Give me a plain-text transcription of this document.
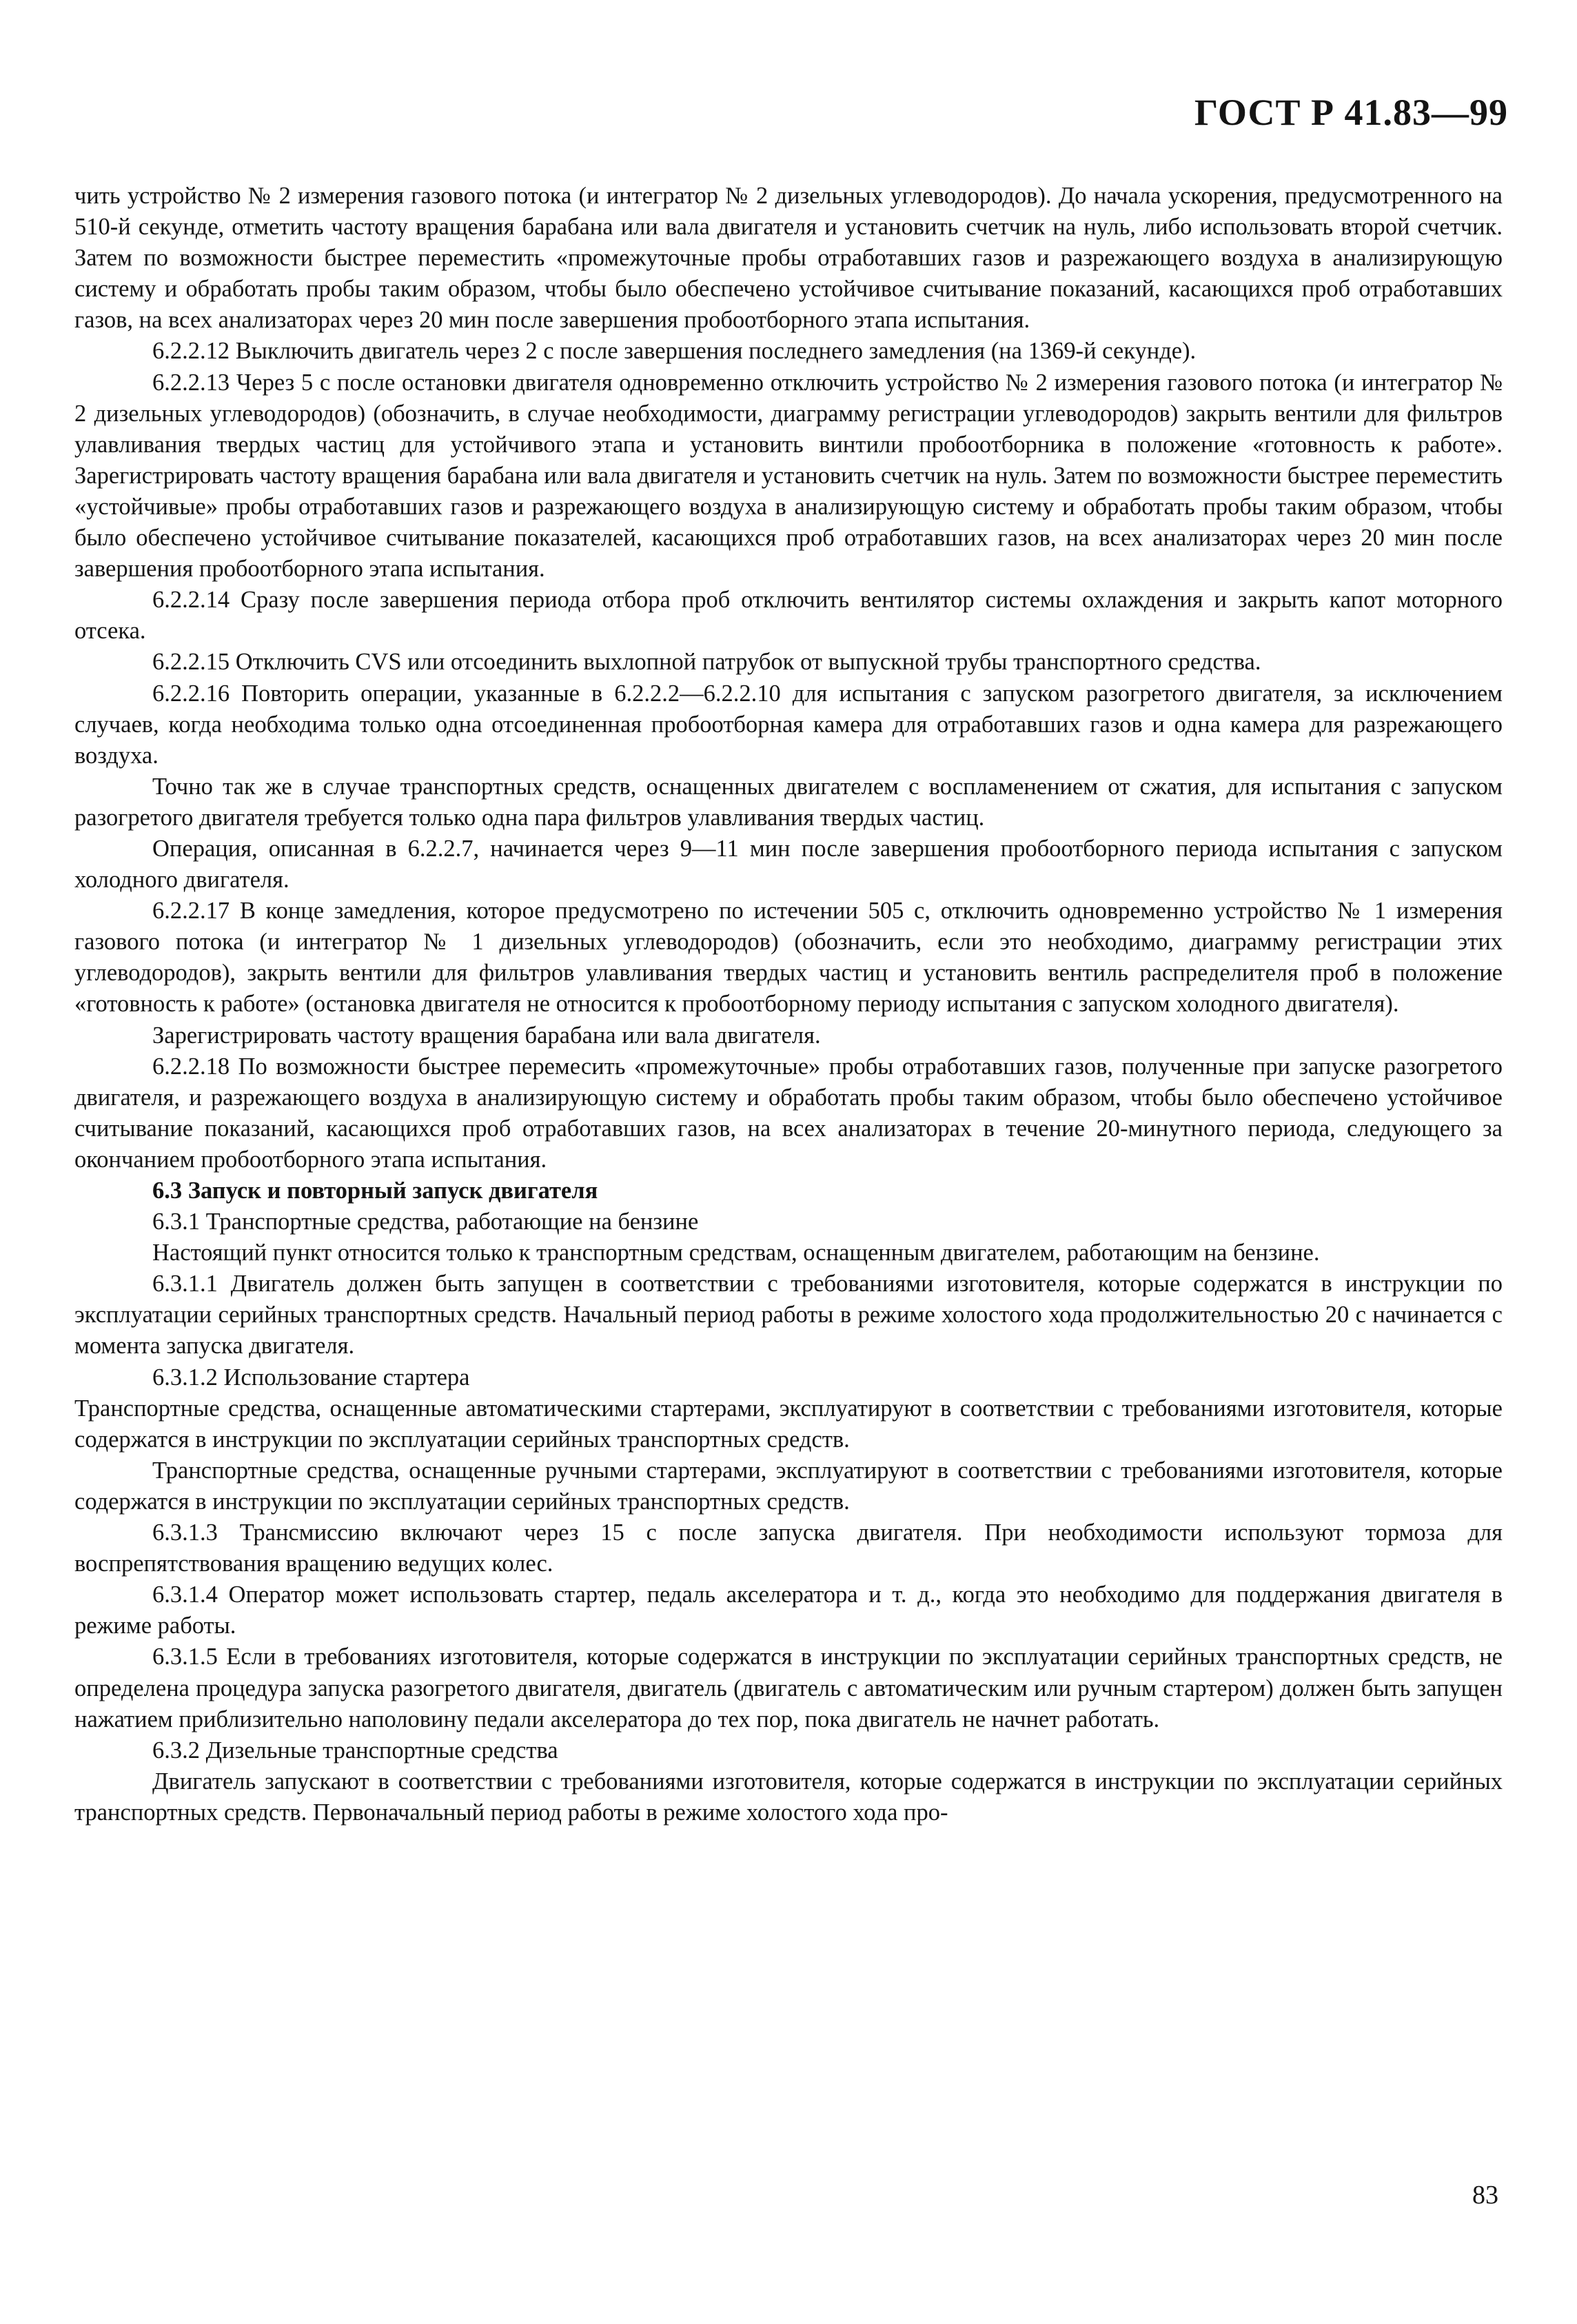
ГОСТ Р 41.83—99

чить устройство № 2 измерения газового потока (и интегратор № 2 дизельных углеводородов). До начала ускорения, предусмотренного на 510-й секунде, отметить частоту вращения барабана или вала двигателя и установить счетчик на нуль, либо использовать второй счетчик. Затем по возможности быстрее переместить «промежуточные пробы отработавших газов и разрежающего воздуха в анализирующую систему и обработать пробы таким образом, чтобы было обеспечено устойчивое считывание показаний, касающихся проб отработавших газов, на всех анализаторах через 20 мин после завершения пробоотборного этапа испытания.

6.2.2.12 Выключить двигатель через 2 с после завершения последнего замедления (на 1369-й секунде).

6.2.2.13 Через 5 с после остановки двигателя одновременно отключить устройство № 2 измерения газового потока (и интегратор № 2 дизельных углеводородов) (обозначить, в случае необходимости, диаграмму регистрации углеводородов) закрыть вентили для фильтров улавливания твердых частиц для устойчивого этапа и установить винтили пробоотборника в положение «готовность к работе». Зарегистрировать частоту вращения барабана или вала двигателя и установить счетчик на нуль. Затем по возможности быстрее переместить «устойчивые» пробы отработавших газов и разрежающего воздуха в анализирующую систему и обработать пробы таким образом, чтобы было обеспечено устойчивое считывание показателей, касающихся проб отработавших газов, на всех анализаторах через 20 мин после завершения пробоотборного этапа испытания.

6.2.2.14 Сразу после завершения периода отбора проб отключить вентилятор системы охлаждения и закрыть капот моторного отсека.

6.2.2.15 Отключить CVS или отсоединить выхлопной патрубок от выпускной трубы транспортного средства.

6.2.2.16 Повторить операции, указанные в 6.2.2.2—6.2.2.10 для испытания с запуском разогретого двигателя, за исключением случаев, когда необходима только одна отсоединенная пробоотборная камера для отработавших газов и одна камера для разрежающего воздуха.

Точно так же в случае транспортных средств, оснащенных двигателем с воспламенением от сжатия, для испытания с запуском разогретого двигателя требуется только одна пара фильтров улавливания твердых частиц.

Операция, описанная в 6.2.2.7, начинается через 9—11 мин после завершения пробоотборного периода испытания с запуском холодного двигателя.

6.2.2.17 В конце замедления, которое предусмотрено по истечении 505 с, отключить одновременно устройство № 1 измерения газового потока (и интегратор № 1 дизельных углеводородов) (обозначить, если это необходимо, диаграмму регистрации этих углеводородов), закрыть вентили для фильтров улавливания твердых частиц и установить вентиль распределителя проб в положение «готовность к работе» (остановка двигателя не относится к пробоотборному периоду испытания с запуском холодного двигателя).

Зарегистрировать частоту вращения барабана или вала двигателя.

6.2.2.18 По возможности быстрее перемесить «промежуточные» пробы отработавших газов, полученные при запуске разогретого двигателя, и разрежающего воздуха в анализирующую систему и обработать пробы таким образом, чтобы было обеспечено устойчивое считывание показаний, касающихся проб отработавших газов, на всех анализаторах в течение 20-минутного периода, следующего за окончанием пробоотборного этапа испытания.

6.3 Запуск и повторный запуск двигателя

6.3.1 Транспортные средства, работающие на бензине

Настоящий пункт относится только к транспортным средствам, оснащенным двигателем, работающим на бензине.

6.3.1.1 Двигатель должен быть запущен в соответствии с требованиями изготовителя, которые содержатся в инструкции по эксплуатации серийных транспортных средств. Начальный период работы в режиме холостого хода продолжительностью 20 с начинается с момента запуска двигателя.

6.3.1.2 Использование стартера

Транспортные средства, оснащенные автоматическими стартерами, эксплуатируют в соответствии с требованиями изготовителя, которые содержатся в инструкции по эксплуатации серийных транспортных средств.

Транспортные средства, оснащенные ручными стартерами, эксплуатируют в соответствии с требованиями изготовителя, которые содержатся в инструкции по эксплуатации серийных транспортных средств.

6.3.1.3 Трансмиссию включают через 15 с после запуска двигателя. При необходимости используют тормоза для воспрепятствования вращению ведущих колес.

6.3.1.4 Оператор может использовать стартер, педаль акселератора и т. д., когда это необходимо для поддержания двигателя в режиме работы.

6.3.1.5 Если в требованиях изготовителя, которые содержатся в инструкции по эксплуатации серийных транспортных средств, не определена процедура запуска разогретого двигателя, двигатель (двигатель с автоматическим или ручным стартером) должен быть запущен нажатием приблизительно наполовину педали акселератора до тех пор, пока двигатель не начнет работать.

6.3.2 Дизельные транспортные средства

Двигатель запускают в соответствии с требованиями изготовителя, которые содержатся в инструкции по эксплуатации серийных транспортных средств. Первоначальный период работы в режиме холостого хода про-

83
